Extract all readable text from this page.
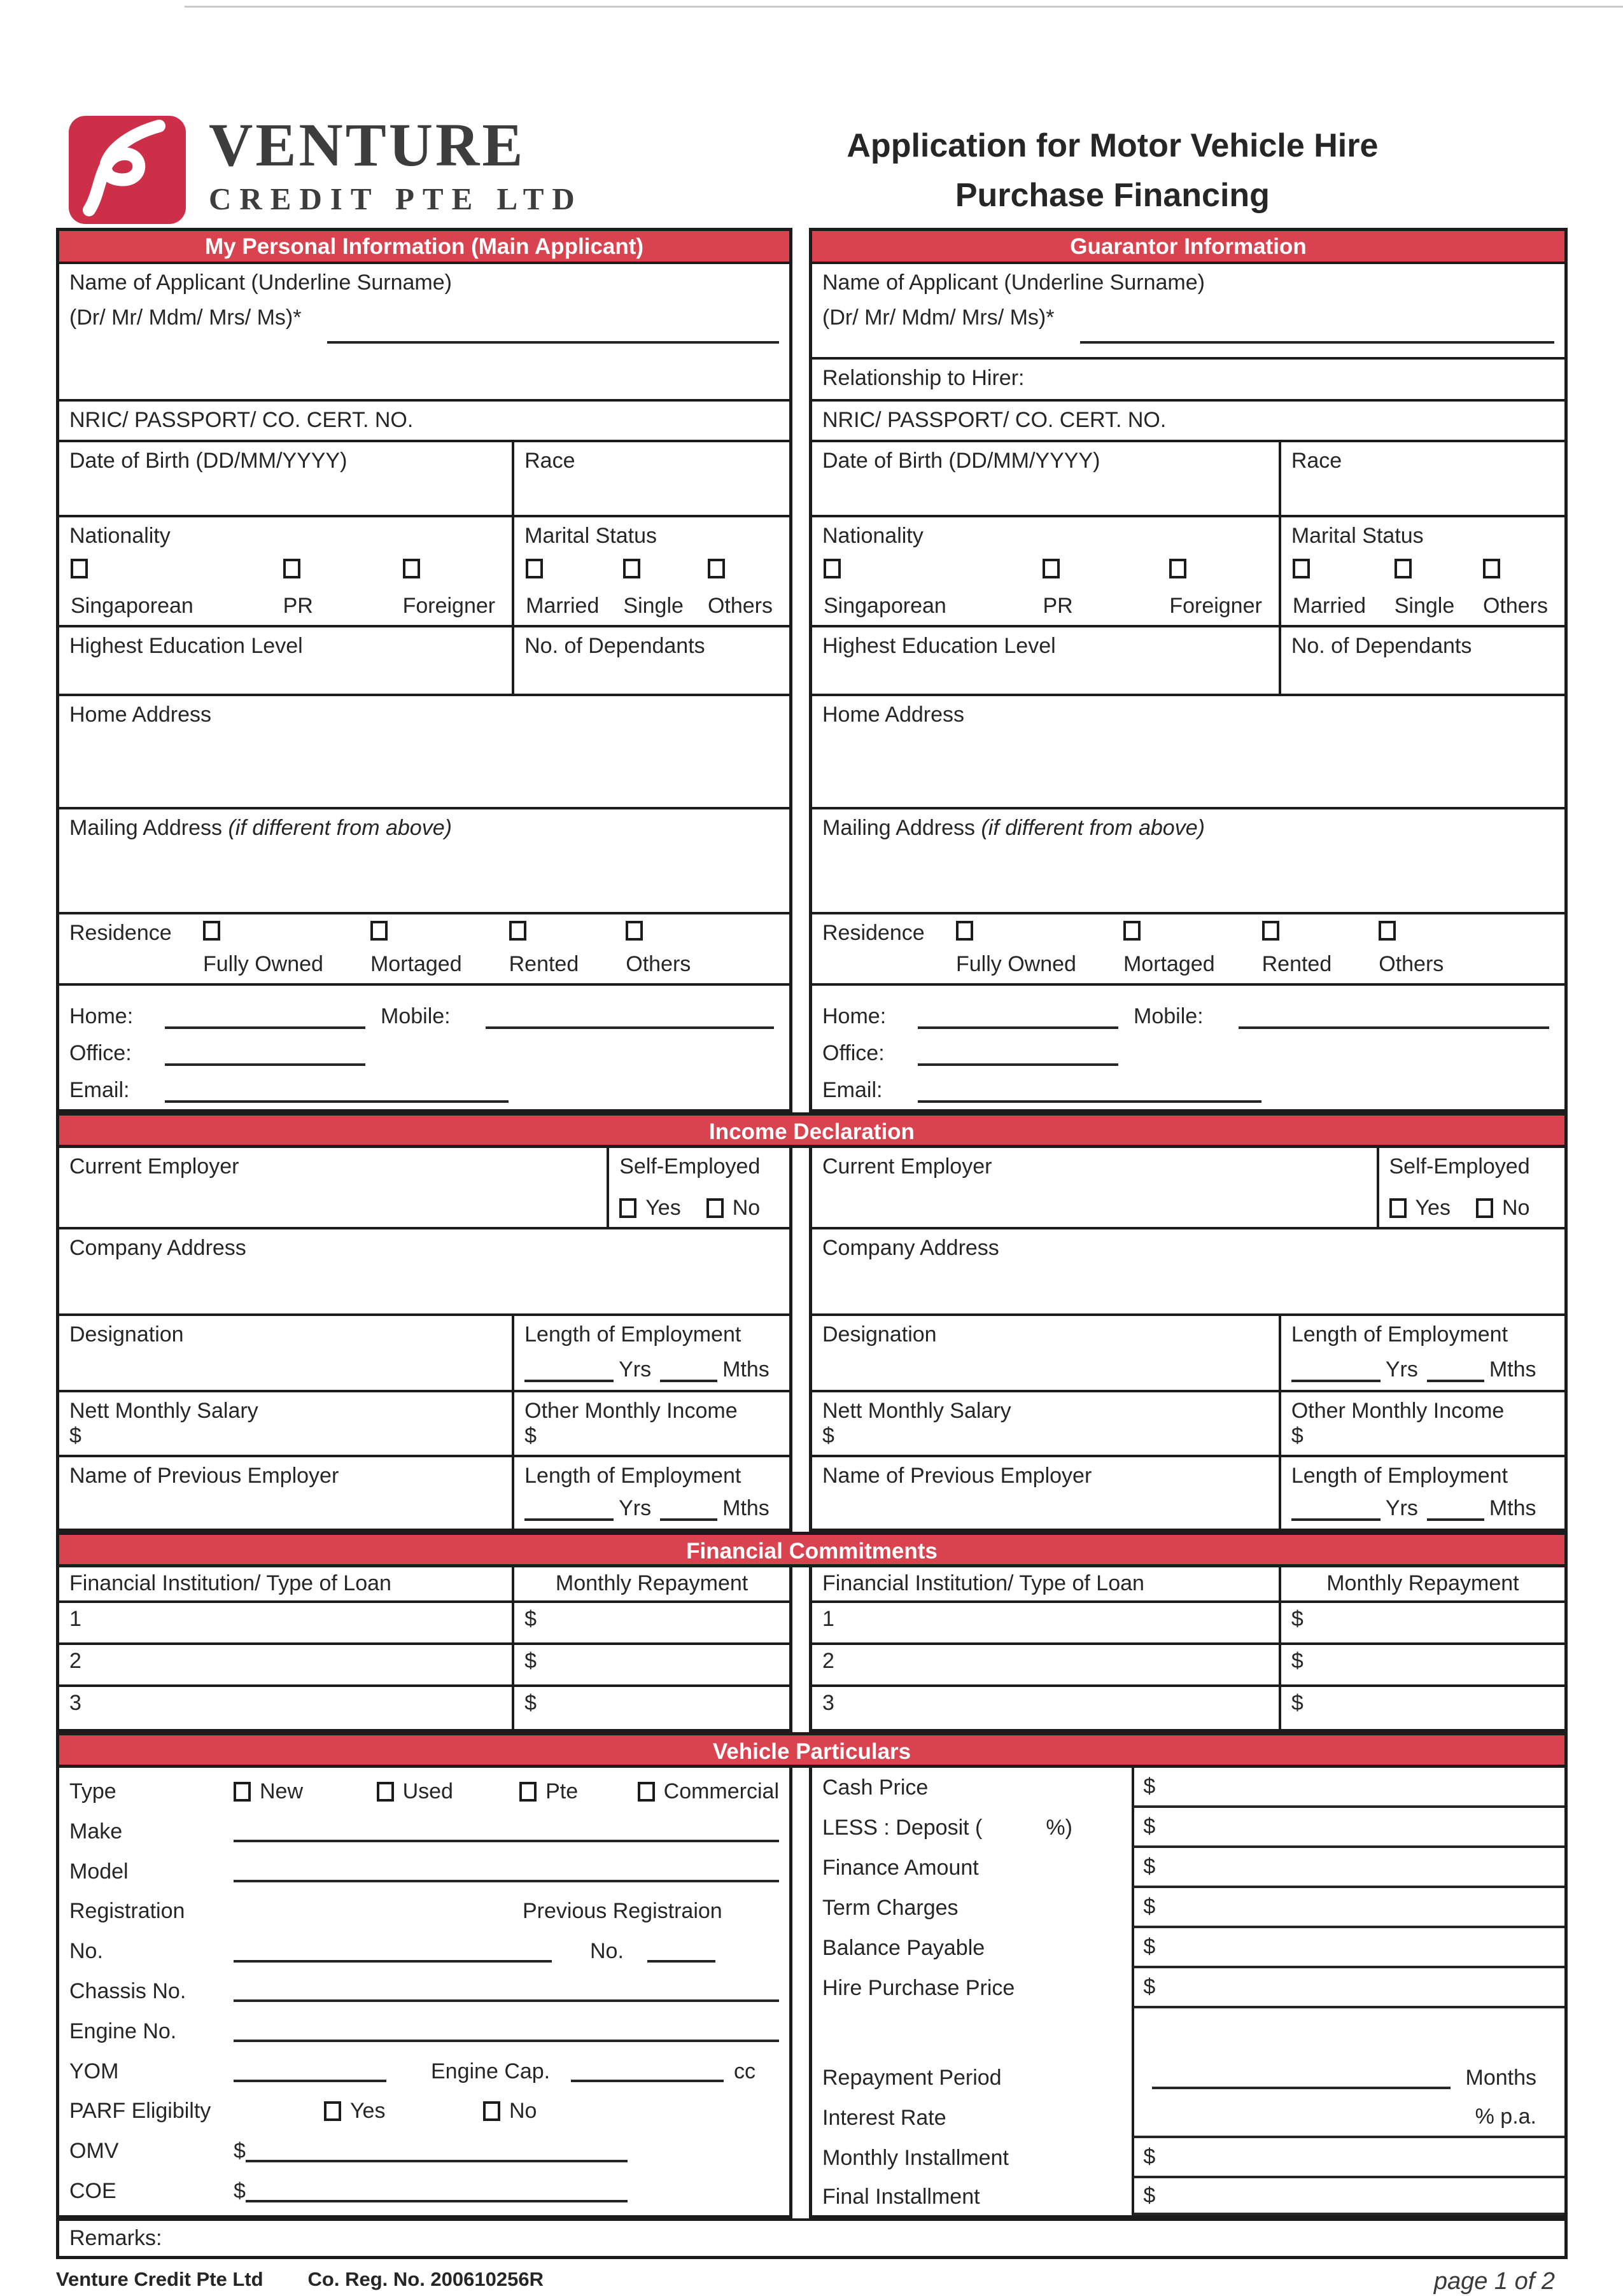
VENTURE
CREDIT PTE LTD
Application for Motor Vehicle Hire
Purchase Financing
My Personal Information (Main Applicant)
Name of Applicant (Underline Surname)
(Dr/ Mr/ Mdm/ Mrs/ Ms)*
NRIC/ PASSPORT/ CO. CERT. NO.
Date of Birth (DD/MM/YYYY)	Race
Nationality
Singaporean	PR	Foreigner
Marital Status
Married Single Others
Highest Education Level	No. of Dependants
Home Address
Mailing Address (if different from above)
Residence
Fully Owned Mortaged Rented Others
Home:	Mobile:
Office:
Email:
Guarantor Information
Name of Applicant (Underline Surname)
(Dr/ Mr/ Mdm/ Mrs/ Ms)*
Relationship to Hirer:
NRIC/ PASSPORT/ CO. CERT. NO.
Date of Birth (DD/MM/YYYY)	Race
Nationality
Singaporean	PR	Foreigner
Marital Status
Married Single Others
Highest Education Level	No. of Dependants
Home Address
Mailing Address (if different from above)
Residence
Fully Owned Mortaged Rented Others
Home:	Mobile:
Office:
Email:
Income Declaration
Current Employer	Self-Employed
Yes No
Company Address
Designation	Length of Employment
Yrs	Mths
Nett Monthly Salary
$
Other Monthly Income
$
Name of Previous Employer	Length of Employment
Yrs	Mths
Current Employer	Self-Employed
Yes No
Company Address
Designation	Length of Employment
Yrs	Mths
Nett Monthly Salary
$
Other Monthly Income
$
Name of Previous Employer	Length of Employment
Yrs	Mths
Financial Commitments
Financial Institution/ Type of Loan	Monthly Repayment
1	$
2	$
3	$
Financial Institution/ Type of Loan	Monthly Repayment
1	$
2	$
3	$
Vehicle Particulars
Type	New	Used	Pte	Commercial
Make
Model
Registration	Previous Registraion
No.	No.
Chassis No.
Engine No.
YOM	Engine Cap.	cc
PARF Eligibilty	Yes	No
OMV	$
COE	$
Cash Price	$
LESS : Deposit (	%)	$
Finance Amount	$
Term Charges	$
Balance Payable	$
Hire Purchase Price	$
Repayment Period	Months
Interest Rate	% p.a.
Monthly Installment	$
Final Installment	$
Remarks:
Venture Credit Pte Ltd Co. Reg. No. 200610256R	page 1 of 2
